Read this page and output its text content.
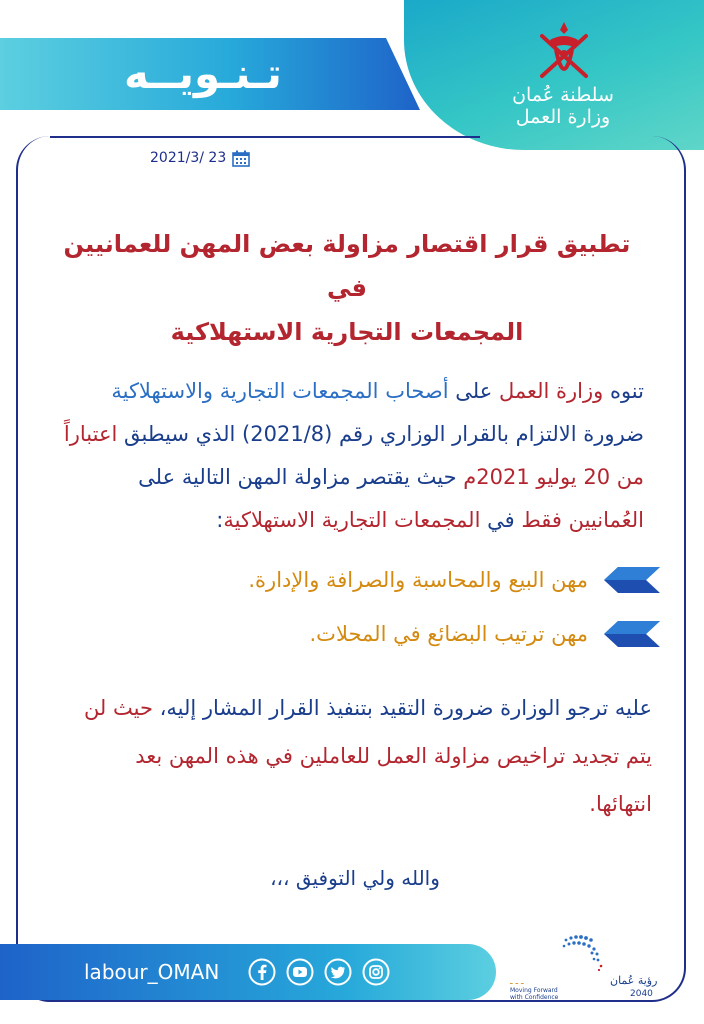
سلطنة عُمان
وزارة العمل
تـنـويــه
2021/3/ 23
تطبيق قرار اقتصار مزاولة بعض المهن للعمانيين في
المجمعات التجارية الاستهلاكية
تنوه وزارة العمل على أصحاب المجمعات التجارية والاستهلاكية
ضرورة الالتزام بالقرار الوزاري رقم (2021/8) الذي سيطبق اعتباراً
من 20 يوليو 2021م حيث يقتصر مزاولة المهن التالية على
العُمانيين فقط في المجمعات التجارية الاستهلاكية:
مهن البيع والمحاسبة والصرافة والإدارة.
مهن ترتيب البضائع في المحلات.
عليه ترجو الوزارة ضرورة التقيد بتنفيذ القرار المشار إليه، حيث لن
يتم تجديد تراخيص مزاولة العمل للعاملين في هذه المهن بعد
انتهائها.
والله ولي التوفيق ،،،
labour_OMAN	رؤية عُمان
2040
ـ ـ ـ
Moving Forward
with Confidence
